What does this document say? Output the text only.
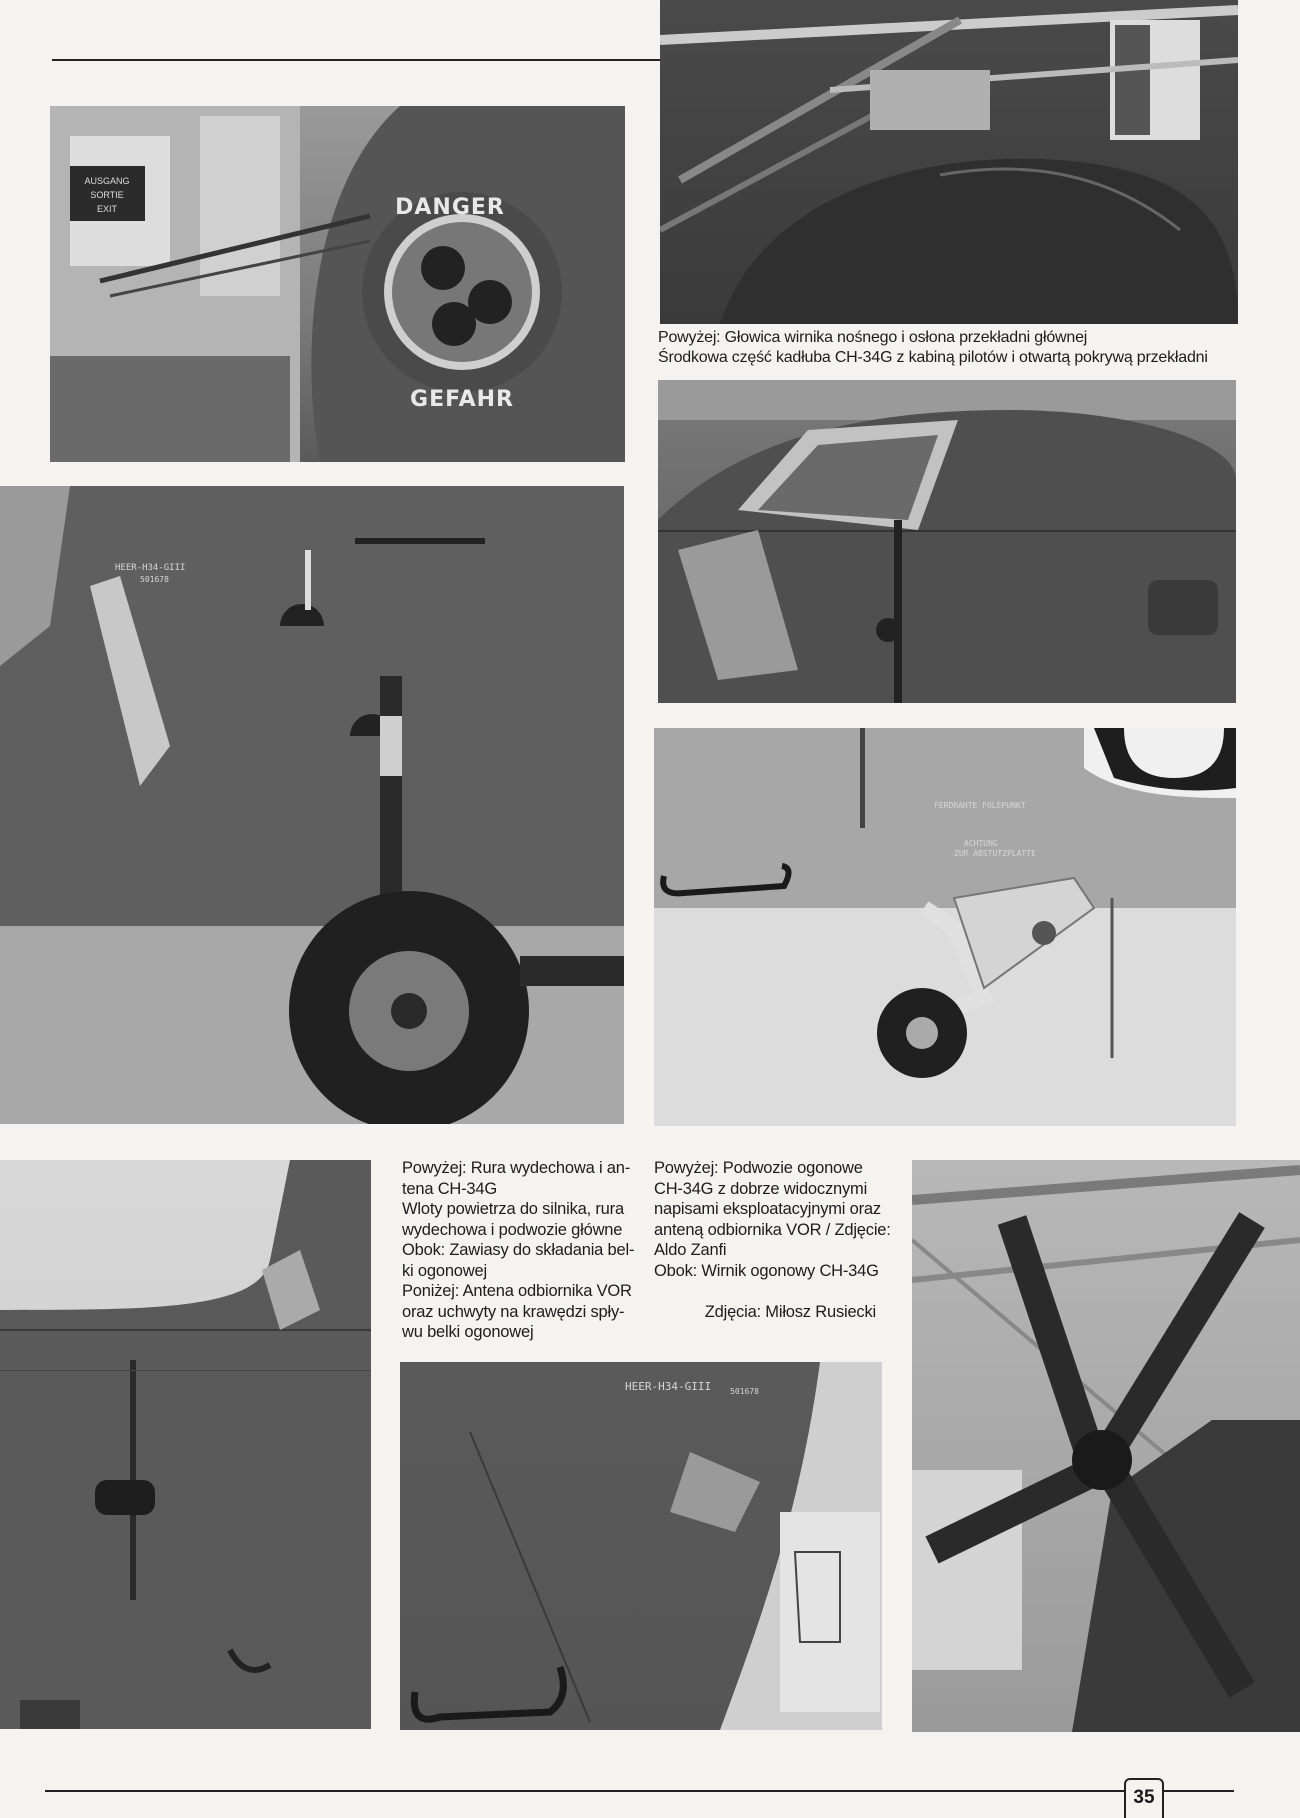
AUSGANG
SORTIE
EXIT	DANGER
GEFAHR
Powyżej: Głowica wirnika nośnego i osłona przekładni głównej
Środkowa część kadłuba CH-34G z kabiną pilotów i otwartą pokrywą przekładni
HEER-H34-GIII
501678
FERDRAHTE FOLEPUNKT
ACHTUNG
ZUR ABSTUTZPLATTE
Powyżej: Rura wydechowa i an-
tena CH-34G
Wloty powietrza do silnika, rura
wydechowa i podwozie główne
Obok: Zawiasy do składania bel-
ki ogonowej
Poniżej: Antena odbiornika VOR
oraz uchwyty na krawędzi spły-
wu belki ogonowej
Powyżej: Podwozie ogonowe
CH-34G z dobrze widocznymi
napisami eksploatacyjnymi oraz
anteną odbiornika VOR / Zdjęcie:
Aldo Zanfi
Obok: Wirnik ogonowy CH-34G
Zdjęcia: Miłosz Rusiecki
HEER-H34-GIII 501678
35
